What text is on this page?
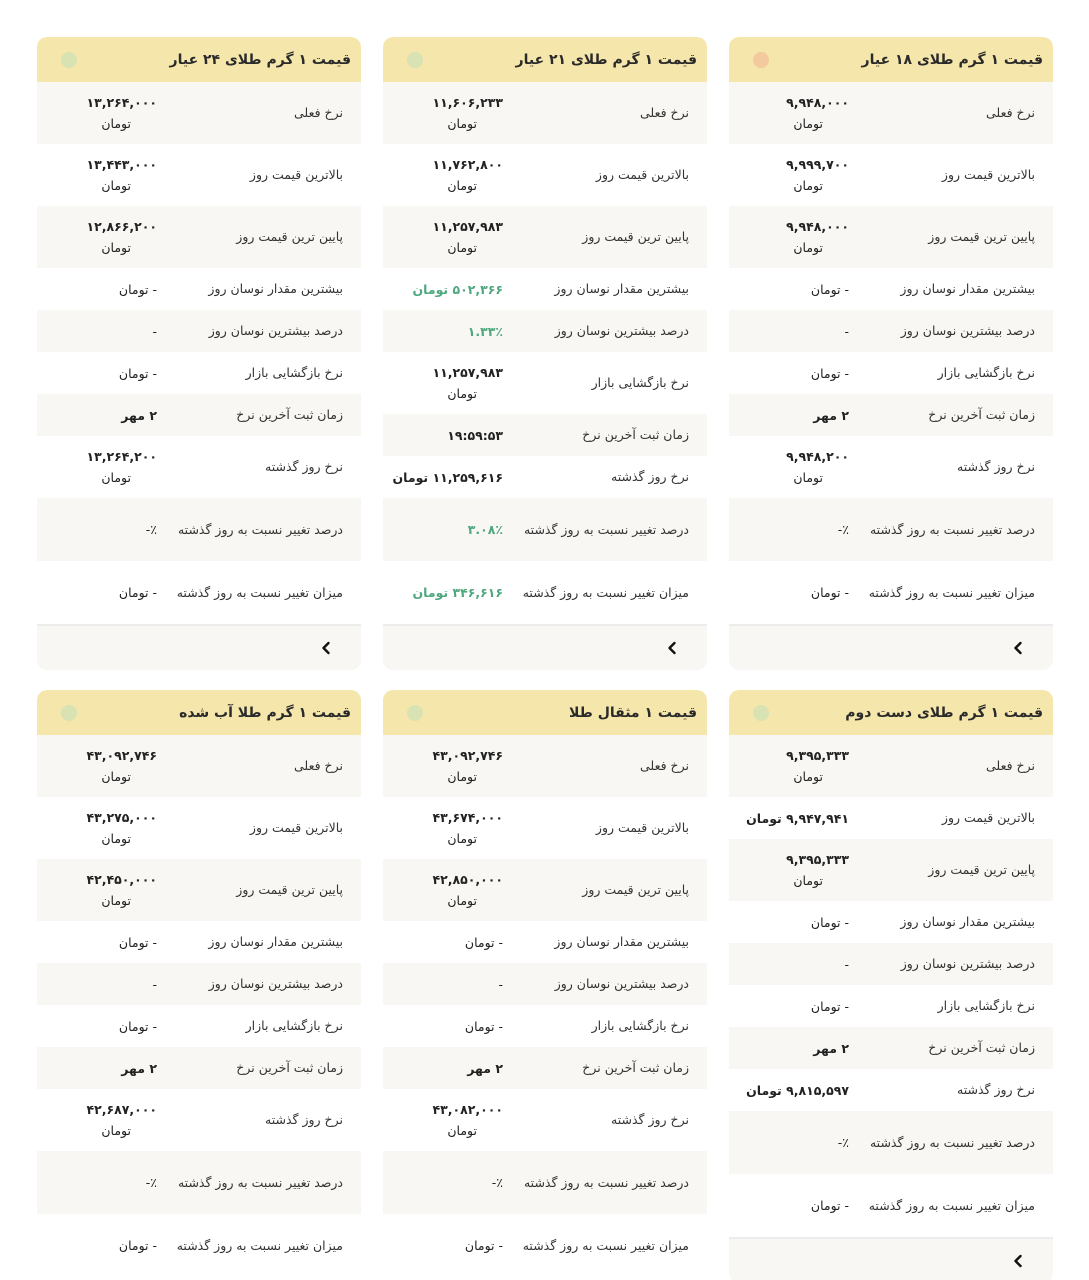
قیمت ۱ گرم طلای ۱۸ عیار
نرخ فعلی
۹,۹۴۸,۰۰۰
تومان
بالاترین قیمت روز
۹,۹۹۹,۷۰۰
تومان
پایین ترین قیمت روز
۹,۹۴۸,۰۰۰
تومان
بیشترین مقدار نوسان روز
- تومان
درصد بیشترین نوسان روز
-
نرخ بازگشایی بازار
- تومان
زمان ثبت آخرین نرخ
۲ مهر
نرخ روز گذشته
۹,۹۴۸,۲۰۰
تومان
درصد تغییر نسبت به روز گذشته
٪-
میزان تغییر نسبت به روز گذشته
- تومان
قیمت ۱ گرم طلای ۲۱ عیار
نرخ فعلی
۱۱,۶۰۶,۲۳۳
تومان
بالاترین قیمت روز
۱۱,۷۶۲,۸۰۰
تومان
پایین ترین قیمت روز
۱۱,۲۵۷,۹۸۳
تومان
بیشترین مقدار نوسان روز
۵۰۲,۳۶۶ تومان
درصد بیشترین نوسان روز
۱.۳۳٪
نرخ بازگشایی بازار
۱۱,۲۵۷,۹۸۳
تومان
زمان ثبت آخرین نرخ
۱۹:۵۹:۵۳
نرخ روز گذشته
۱۱,۲۵۹,۶۱۶ تومان
درصد تغییر نسبت به روز گذشته
۳.۰۸٪
میزان تغییر نسبت به روز گذشته
۳۴۶,۶۱۶ تومان
قیمت ۱ گرم طلای ۲۴ عیار
نرخ فعلی
۱۳,۲۶۴,۰۰۰
تومان
بالاترین قیمت روز
۱۳,۴۴۳,۰۰۰
تومان
پایین ترین قیمت روز
۱۲,۸۶۶,۲۰۰
تومان
بیشترین مقدار نوسان روز
- تومان
درصد بیشترین نوسان روز
-
نرخ بازگشایی بازار
- تومان
زمان ثبت آخرین نرخ
۲ مهر
نرخ روز گذشته
۱۳,۲۶۴,۲۰۰
تومان
درصد تغییر نسبت به روز گذشته
٪-
میزان تغییر نسبت به روز گذشته
- تومان
قیمت ۱ گرم طلای دست دوم
نرخ فعلی
۹,۳۹۵,۳۳۳
تومان
بالاترین قیمت روز
۹,۹۴۷,۹۴۱ تومان
پایین ترین قیمت روز
۹,۳۹۵,۳۳۳
تومان
بیشترین مقدار نوسان روز
- تومان
درصد بیشترین نوسان روز
-
نرخ بازگشایی بازار
- تومان
زمان ثبت آخرین نرخ
۲ مهر
نرخ روز گذشته
۹,۸۱۵,۵۹۷ تومان
درصد تغییر نسبت به روز گذشته
٪-
میزان تغییر نسبت به روز گذشته
- تومان
قیمت ۱ مثقال طلا
نرخ فعلی
۴۳,۰۹۲,۷۴۶
تومان
بالاترین قیمت روز
۴۳,۶۷۴,۰۰۰
تومان
پایین ترین قیمت روز
۴۲,۸۵۰,۰۰۰
تومان
بیشترین مقدار نوسان روز
- تومان
درصد بیشترین نوسان روز
-
نرخ بازگشایی بازار
- تومان
زمان ثبت آخرین نرخ
۲ مهر
نرخ روز گذشته
۴۳,۰۸۲,۰۰۰
تومان
درصد تغییر نسبت به روز گذشته
٪-
میزان تغییر نسبت به روز گذشته
- تومان
قیمت ۱ گرم طلا آب شده
نرخ فعلی
۴۳,۰۹۲,۷۴۶
تومان
بالاترین قیمت روز
۴۳,۲۷۵,۰۰۰
تومان
پایین ترین قیمت روز
۴۲,۴۵۰,۰۰۰
تومان
بیشترین مقدار نوسان روز
- تومان
درصد بیشترین نوسان روز
-
نرخ بازگشایی بازار
- تومان
زمان ثبت آخرین نرخ
۲ مهر
نرخ روز گذشته
۴۲,۶۸۷,۰۰۰
تومان
درصد تغییر نسبت به روز گذشته
٪-
میزان تغییر نسبت به روز گذشته
- تومان
